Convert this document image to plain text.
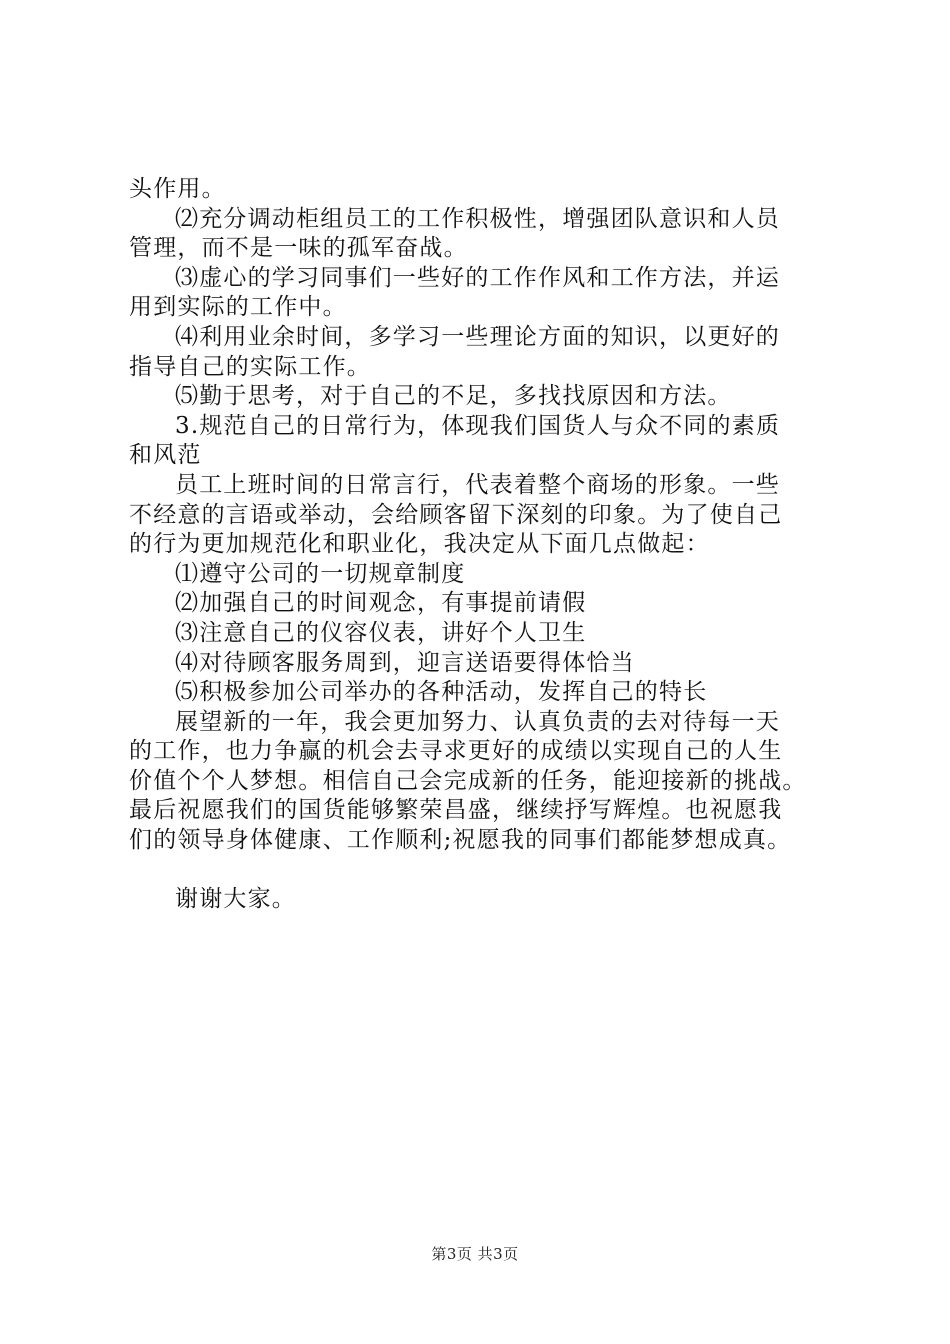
头作用。
⑵充分调动柜组员工的工作积极性，增强团队意识和人员
管理，而不是一味的孤军奋战。
⑶虚心的学习同事们一些好的工作作风和工作方法，并运
用到实际的工作中。
⑷利用业余时间，多学习一些理论方面的知识，以更好的
指导自己的实际工作。
⑸勤于思考，对于自己的不足，多找找原因和方法。
3.规范自己的日常行为，体现我们国货人与众不同的素质
和风范
员工上班时间的日常言行，代表着整个商场的形象。一些
不经意的言语或举动，会给顾客留下深刻的印象。为了使自己
的行为更加规范化和职业化，我决定从下面几点做起：
⑴遵守公司的一切规章制度
⑵加强自己的时间观念，有事提前请假
⑶注意自己的仪容仪表，讲好个人卫生
⑷对待顾客服务周到，迎言送语要得体恰当
⑸积极参加公司举办的各种活动，发挥自己的特长
展望新的一年，我会更加努力、认真负责的去对待每一天
的工作，也力争赢的机会去寻求更好的成绩以实现自己的人生
价值个个人梦想。相信自己会完成新的任务，能迎接新的挑战。
最后祝愿我们的国货能够繁荣昌盛，继续抒写辉煌。也祝愿我
们的领导身体健康、工作顺利;祝愿我的同事们都能梦想成真。
谢谢大家。
第3页 共3页
